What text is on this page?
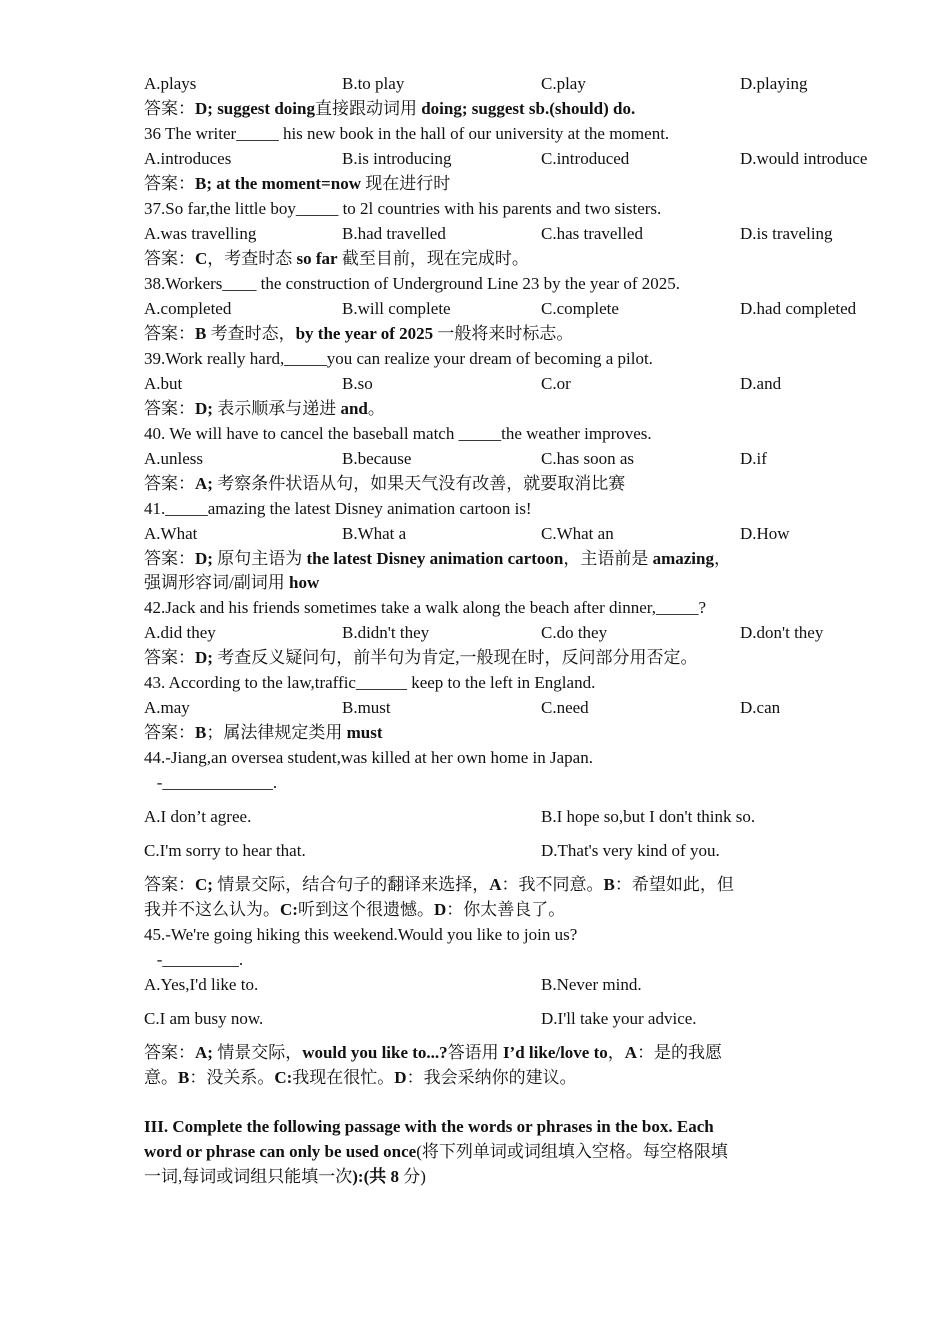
A.plays	B.to play	C.play	D.playing
答案：D; suggest doing直接跟动词用 doing; suggest sb.(should) do.
36 The writer_____ his new book in the hall of our university at the moment.
A.introduces	B.is introducing	C.introduced	D.would introduce
答案：B; at the moment=now 现在进行时
37.So far,the little boy_____ to 2l countries with his parents and two sisters.
A.was travelling	B.had travelled	C.has travelled	D.is traveling
答案：C，考查时态 so far 截至目前，现在完成时。
38.Workers____ the construction of Underground Line 23 by the year of 2025.
A.completed	B.will complete	C.complete	D.had completed
答案：B 考查时态，by the year of 2025 一般将来时标志。
39.Work really hard,_____you can realize your dream of becoming a pilot.
A.but	B.so	C.or	D.and
答案：D; 表示顺承与递进 and。
40. We will have to cancel the baseball match _____the weather improves.
A.unless	B.because	C.has soon as	D.if
答案：A; 考察条件状语从句，如果天气没有改善，就要取消比赛
41._____amazing the latest Disney animation cartoon is!
A.What	B.What a	C.What an	D.How
答案：D; 原句主语为 the latest Disney animation cartoon，主语前是 amazing，
强调形容词/副词用 how
42.Jack and his friends sometimes take a walk along the beach after dinner,_____?
A.did they	B.didn't they	C.do they	D.don't they
答案：D; 考查反义疑问句，前半句为肯定,一般现在时，反问部分用否定。
43. According to the law,traffic______ keep to the left in England.
A.may	B.must	C.need	D.can
答案：B；属法律规定类用 must
44.-Jiang,an oversea student,was killed at her own home in Japan.
-_____________.
A.I don’t agree.	B.I hope so,but I don't think so.
C.I'm sorry to hear that.	D.That's very kind of you.
答案：C; 情景交际，结合句子的翻译来选择，A：我不同意。B：希望如此，但
我并不这么认为。C:听到这个很遗憾。D：你太善良了。
45.-We're going hiking this weekend.Would you like to join us?
-_________.
A.Yes,I'd like to.	B.Never mind.
C.I am busy now.	D.I'll take your advice.
答案：A; 情景交际，would you like to...?答语用 I’d like/love to，A：是的我愿
意。B：没关系。C:我现在很忙。D：我会采纳你的建议。
III. Complete the following passage with the words or phrases in the box. Each
word or phrase can only be used once(将下列单词或词组填入空格。每空格限填
一词,每词或词组只能填一次):(共 8 分)
